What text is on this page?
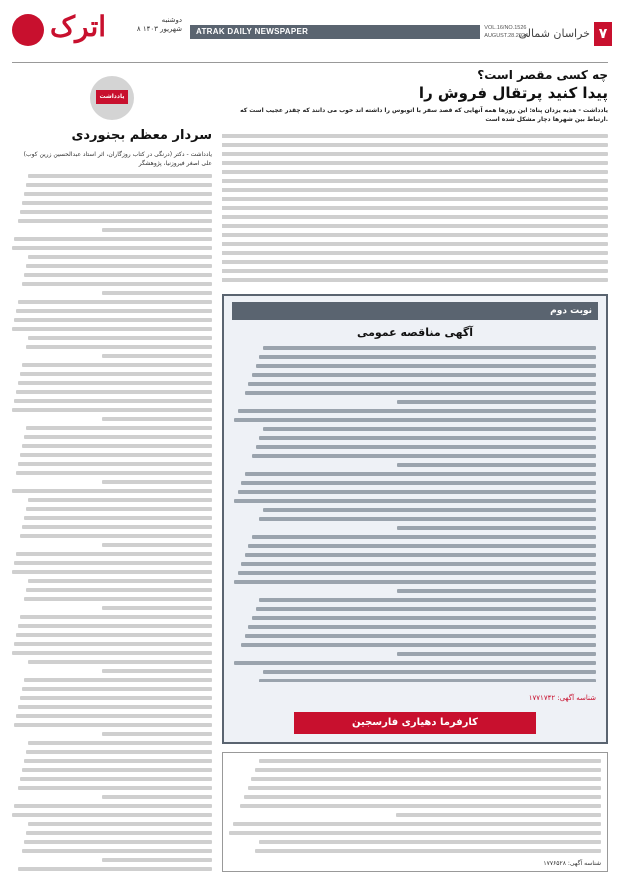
۷
خراسان شمالی
VOL.16/NO.1526
AUGUST.28.2024
ATRAK DAILY NEWSPAPER
اترک	دوشنبه
۸ شهریور ۱۴۰۳
یادداشت
سردار معظم بجنوردی
(درنگی در کتاب روزگاران، اثر استاد عبدالحسین زرین کوب) یادداشت - دکتر علی اصغر فیروزنیا، پژوهشگر
چه کسی مقصر است؟
پیدا کنید پرتقال فروش را
یادداشت - هدیه یزدان پناه: این روزها همه آنهایی که قصد سفر با اتوبوس را داشته اند خوب می دانند که چقدر عجیب است که ارتباط بین شهرها دچار مشکل شده است.
نوبت دوم
آگهی مناقصه عمومی
شناسه آگهی: ۱۷۷۱۷۴۲
کارفرما دهیاری فارسجین
شناسه آگهی: ۱۷۷۶۵۲۸
